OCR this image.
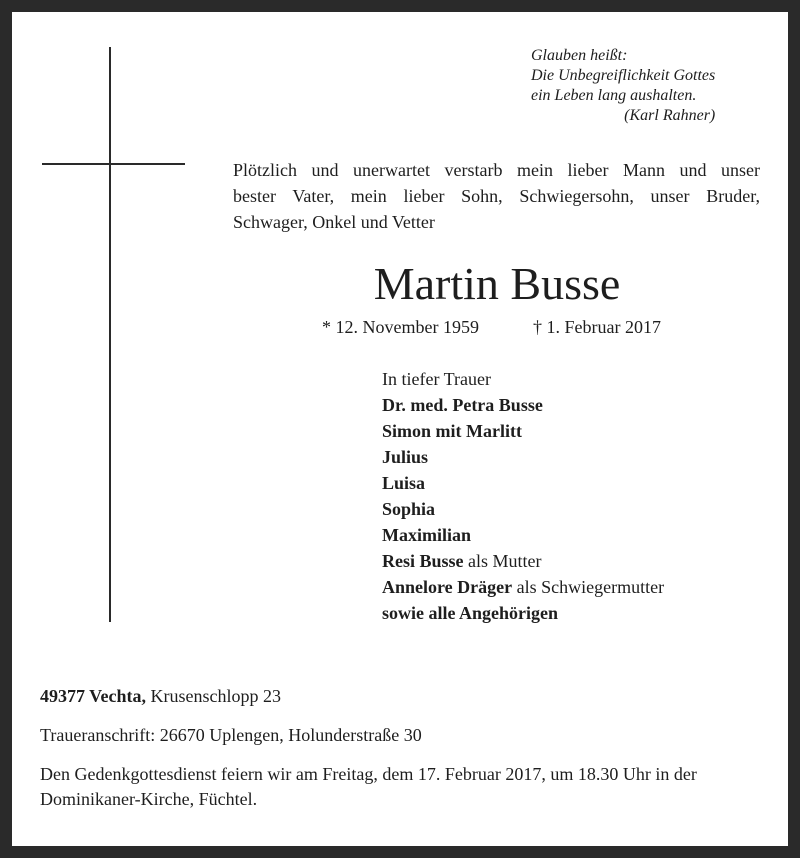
Glauben heißt:
Die Unbegreiflichkeit Gottes
ein Leben lang aushalten.
(Karl Rahner)
Plötzlich und unerwartet verstarb mein lieber Mann und unser
bester Vater, mein lieber Sohn, Schwiegersohn, unser Bruder,
Schwager, Onkel und Vetter
Martin Busse
* 12. November 1959	† 1. Februar 2017
In tiefer Trauer
Dr. med. Petra Busse
Simon mit Marlitt
Julius
Luisa
Sophia
Maximilian
Resi Busse als Mutter
Annelore Dräger als Schwiegermutter
sowie alle Angehörigen
49377 Vechta, Krusenschlopp 23
Traueranschrift: 26670 Uplengen, Holunderstraße 30
Den Gedenkgottesdienst feiern wir am Freitag, dem 17. Februar 2017, um 18.30 Uhr in der
Dominikaner-Kirche, Füchtel.
